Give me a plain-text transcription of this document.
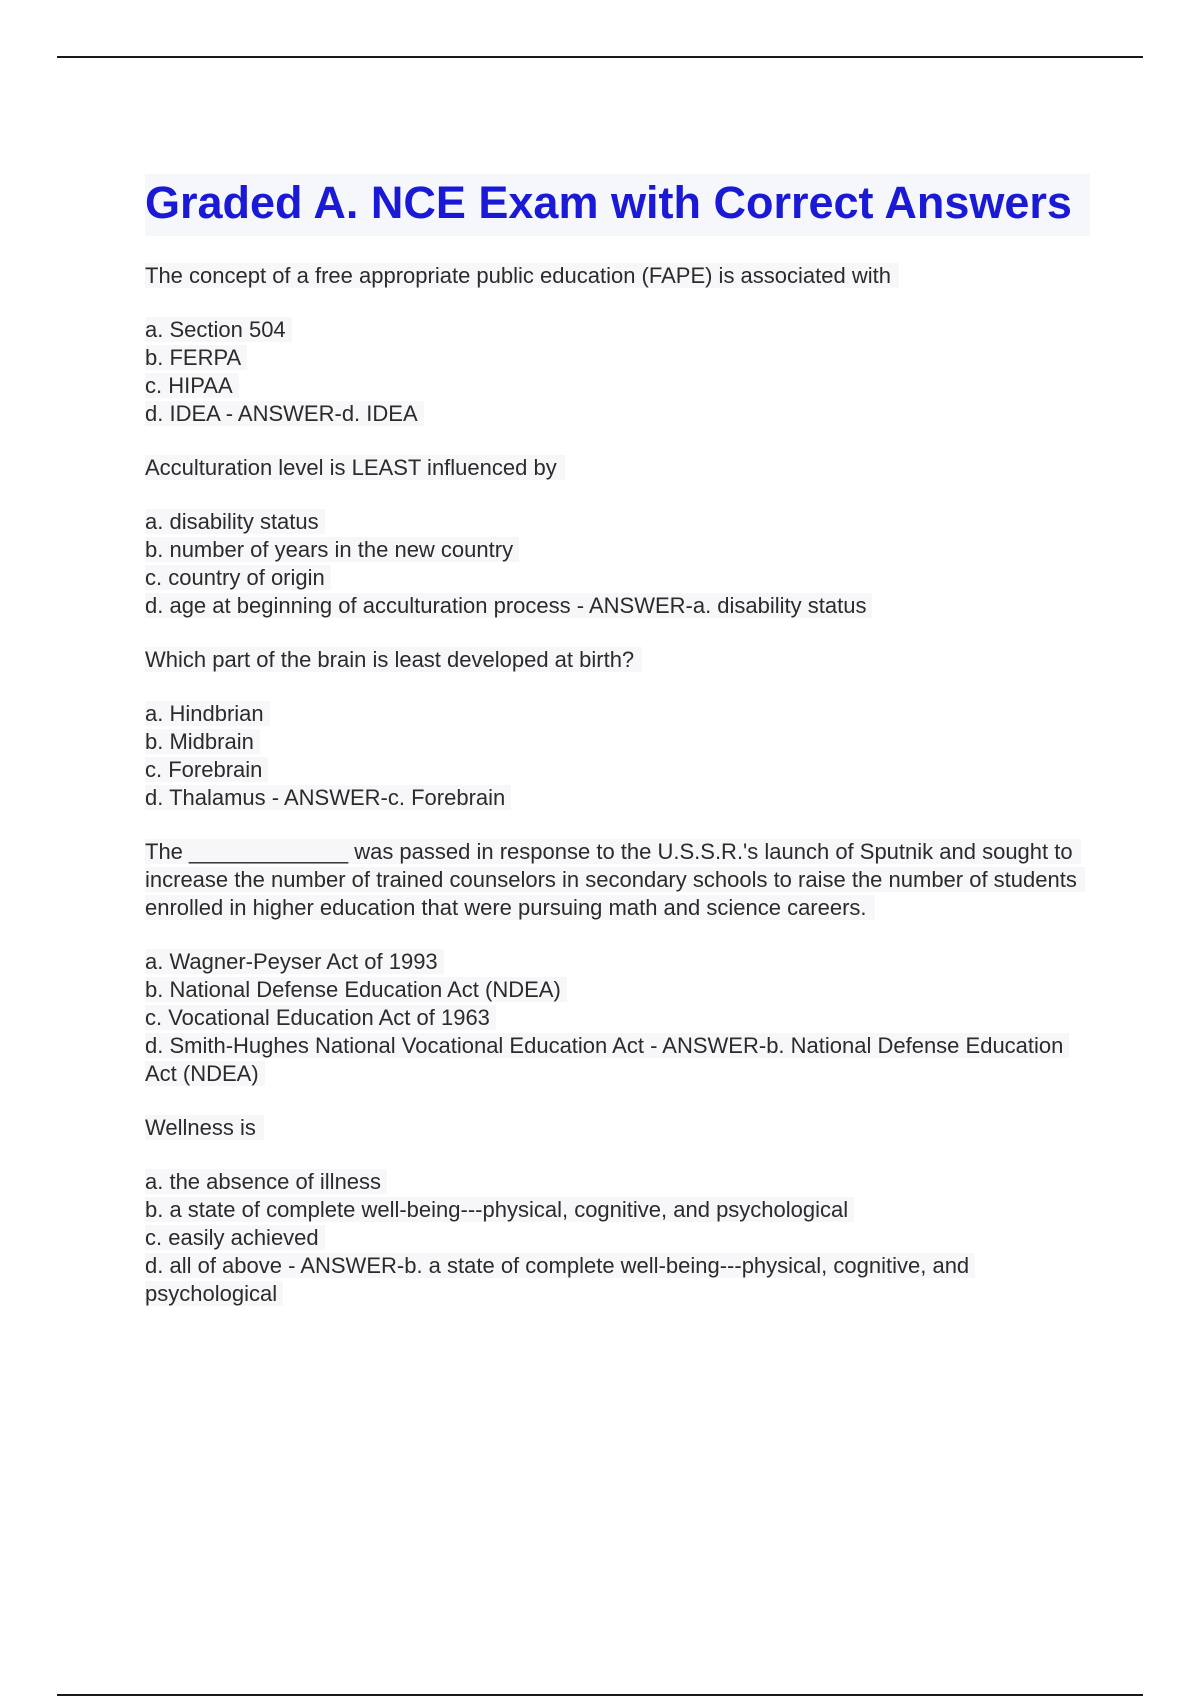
Graded A. NCE Exam with Correct Answers
The concept of a free appropriate public education (FAPE) is associated with
a. Section 504
b. FERPA
c. HIPAA
d. IDEA - ANSWER-d. IDEA
Acculturation level is LEAST influenced by
a. disability status
b. number of years in the new country
c. country of origin
d. age at beginning of acculturation process - ANSWER-a. disability status
Which part of the brain is least developed at birth?
a. Hindbrian
b. Midbrain
c. Forebrain
d. Thalamus - ANSWER-c. Forebrain
The _____________ was passed in response to the U.S.S.R.'s launch of Sputnik and sought to increase the number of trained counselors in secondary schools to raise the number of students enrolled in higher education that were pursuing math and science careers.
a. Wagner-Peyser Act of 1993
b. National Defense Education Act (NDEA)
c. Vocational Education Act of 1963
d. Smith-Hughes National Vocational Education Act - ANSWER-b. National Defense Education Act (NDEA)
Wellness is
a. the absence of illness
b. a state of complete well-being---physical, cognitive, and psychological
c. easily achieved
d. all of above - ANSWER-b. a state of complete well-being---physical, cognitive, and psychological
